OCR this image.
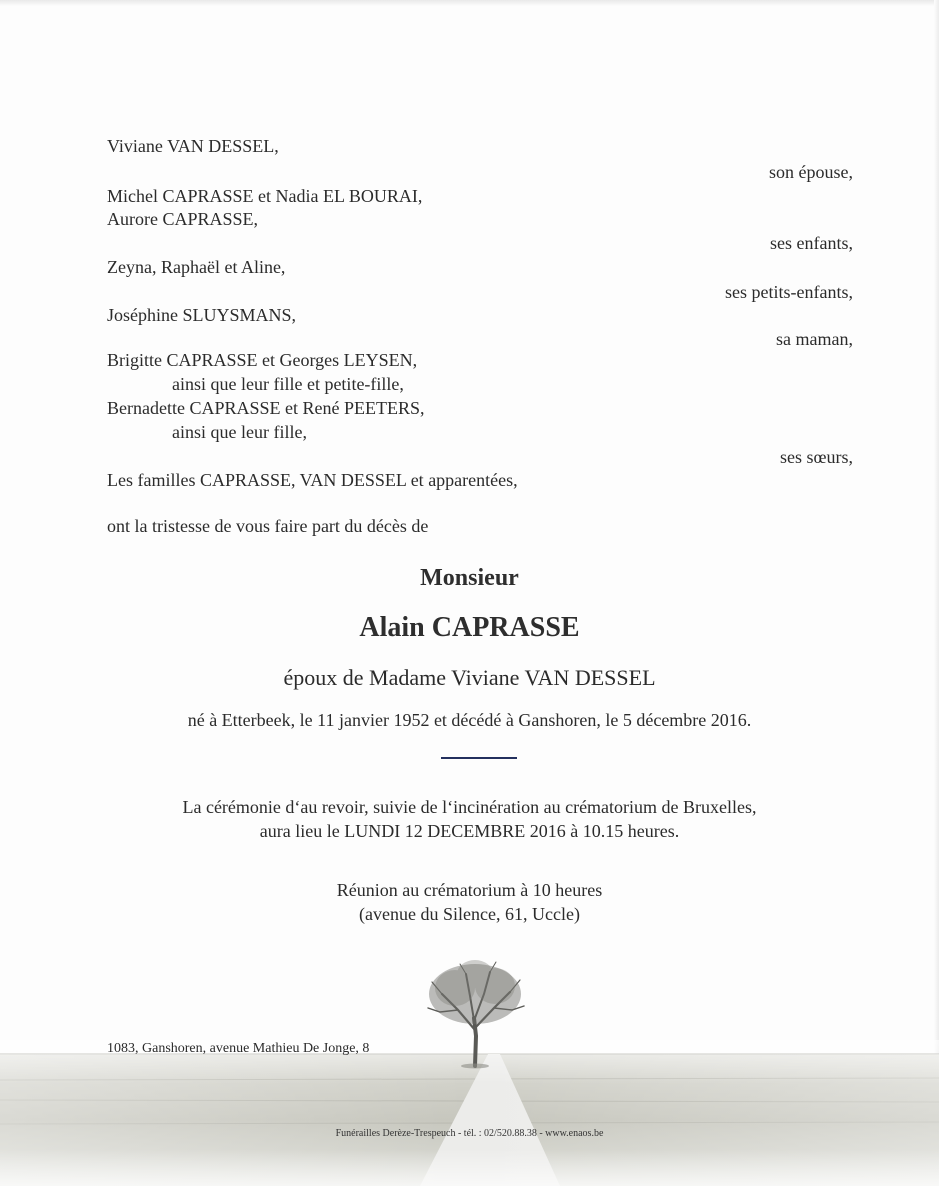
Viviane VAN DESSEL,
son épouse,
Michel CAPRASSE et Nadia EL BOURAI,
Aurore CAPRASSE,
ses enfants,
Zeyna, Raphaël et Aline,
ses petits-enfants,
Joséphine SLUYSMANS,
sa maman,
Brigitte CAPRASSE et Georges LEYSEN,
ainsi que leur fille et petite-fille,
Bernadette CAPRASSE et René PEETERS,
ainsi que leur fille,
ses sœurs,
Les familles CAPRASSE, VAN DESSEL et apparentées,
ont la tristesse de vous faire part du décès de
Monsieur
Alain CAPRASSE
époux de Madame Viviane VAN DESSEL
né à Etterbeek, le 11 janvier 1952 et décédé à Ganshoren, le 5 décembre 2016.
La cérémonie d‘au revoir, suivie de l‘incinération au crématorium de Bruxelles,
aura lieu le LUNDI 12 DECEMBRE 2016 à 10.15 heures.
Réunion au crématorium à 10 heures
(avenue du Silence, 61, Uccle)
1083, Ganshoren, avenue Mathieu De Jonge, 8
Funérailles Derèze-Trespeuch - tél. : 02/520.88.38 - www.enaos.be
